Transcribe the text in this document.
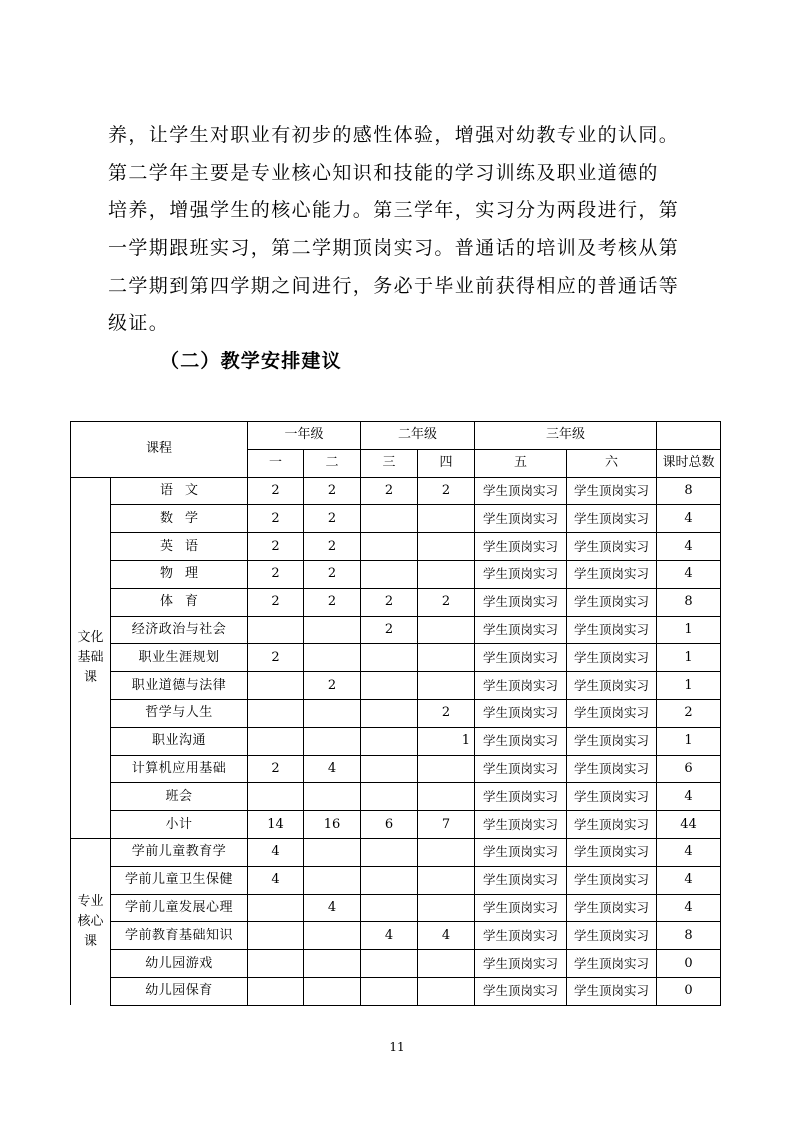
养，让学生对职业有初步的感性体验，增强对幼教专业的认同。
第二学年主要是专业核心知识和技能的学习训练及职业道德的
培养，增强学生的核心能力。第三学年，实习分为两段进行，第
一学期跟班实习，第二学期顶岗实习。普通话的培训及考核从第
二学期到第四学期之间进行，务必于毕业前获得相应的普通话等
级证。
（二）教学安排建议
课程		一年级		二年级		三年级		
		一	二	三	四	五	六	课时总数

文化
基础
课	语文	2	2	2	2	学生顶岗实习	学生顶岗实习	8
	数学	2	2			学生顶岗实习	学生顶岗实习	4
	英语	2	2			学生顶岗实习	学生顶岗实习	4
	物理	2	2			学生顶岗实习	学生顶岗实习	4
	体育	2	2	2	2	学生顶岗实习	学生顶岗实习	8
	经济政治与社会			2		学生顶岗实习	学生顶岗实习	1
	职业生涯规划	2				学生顶岗实习	学生顶岗实习	1
	职业道德与法律		2			学生顶岗实习	学生顶岗实习	1
	哲学与人生				2	学生顶岗实习	学生顶岗实习	2
	职业沟通				1	学生顶岗实习	学生顶岗实习	1
	计算机应用基础	2	4			学生顶岗实习	学生顶岗实习	6
	班会					学生顶岗实习	学生顶岗实习	4
	小计	14	16	6	7	学生顶岗实习	学生顶岗实习	44

专业
核心
课	学前儿童教育学	4				学生顶岗实习	学生顶岗实习	4
	学前儿童卫生保健	4				学生顶岗实习	学生顶岗实习	4
	学前儿童发展心理		4			学生顶岗实习	学生顶岗实习	4
	学前教育基础知识			4	4	学生顶岗实习	学生顶岗实习	8
	幼儿园游戏					学生顶岗实习	学生顶岗实习	0
	幼儿园保育					学生顶岗实习	学生顶岗实习	0
11
